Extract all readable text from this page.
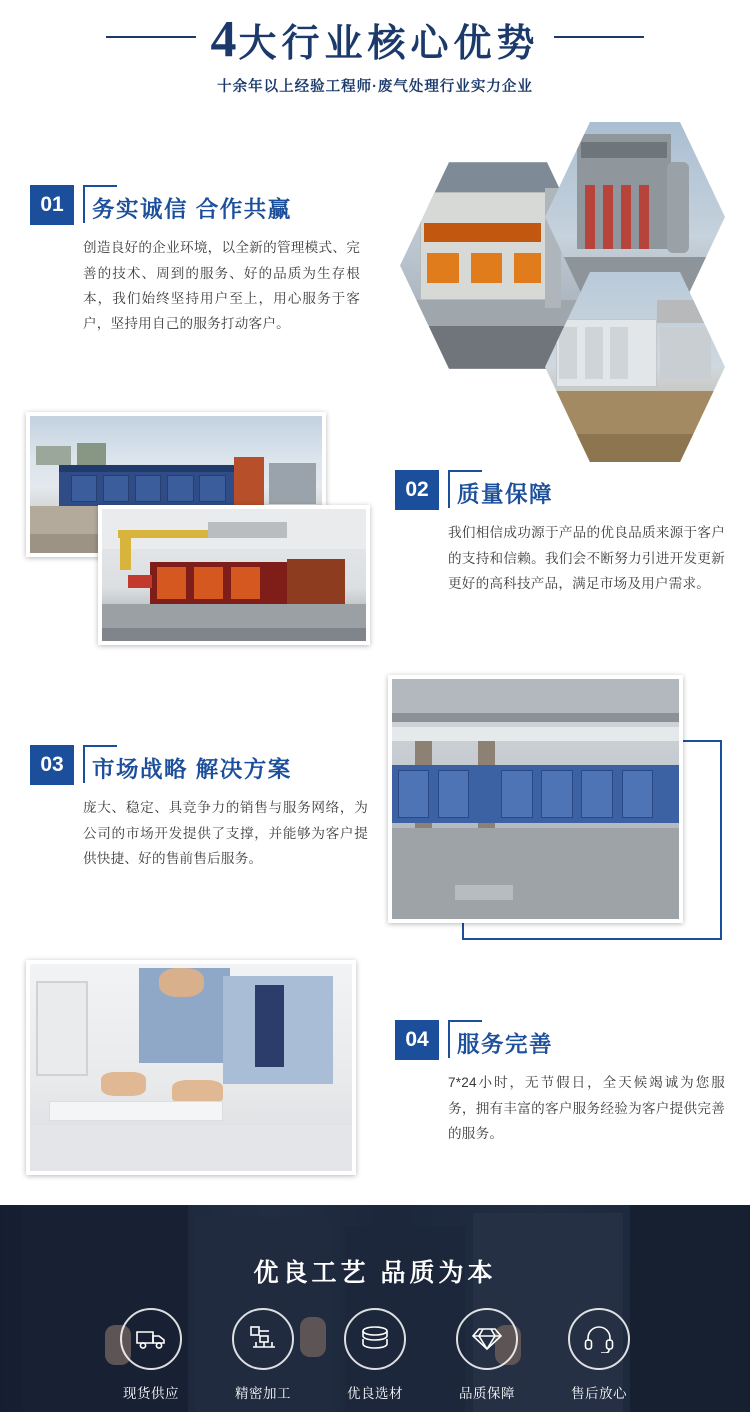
4 大行业核心优势
十余年以上经验工程师·废气处理行业实力企业
01	务实诚信 合作共赢
创造良好的企业环境，以全新的管理模式、完善的技术、周到的服务、好的品质为生存根本，我们始终坚持用户至上，用心服务于客户，坚持用自己的服务打动客户。
02	质量保障
我们相信成功源于产品的优良品质来源于客户的支持和信赖。我们会不断努力引进开发更新更好的高科技产品，满足市场及用户需求。
03	市场战略 解决方案
庞大、稳定、具竞争力的销售与服务网络，为公司的市场开发提供了支撑，并能够为客户提供快捷、好的售前售后服务。
04	服务完善
7*24小时，无节假日，全天候竭诚为您服务，拥有丰富的客户服务经验为客户提供完善的服务。
优良工艺 品质为本
现货供应	精密加工	优良选材	品质保障	售后放心
